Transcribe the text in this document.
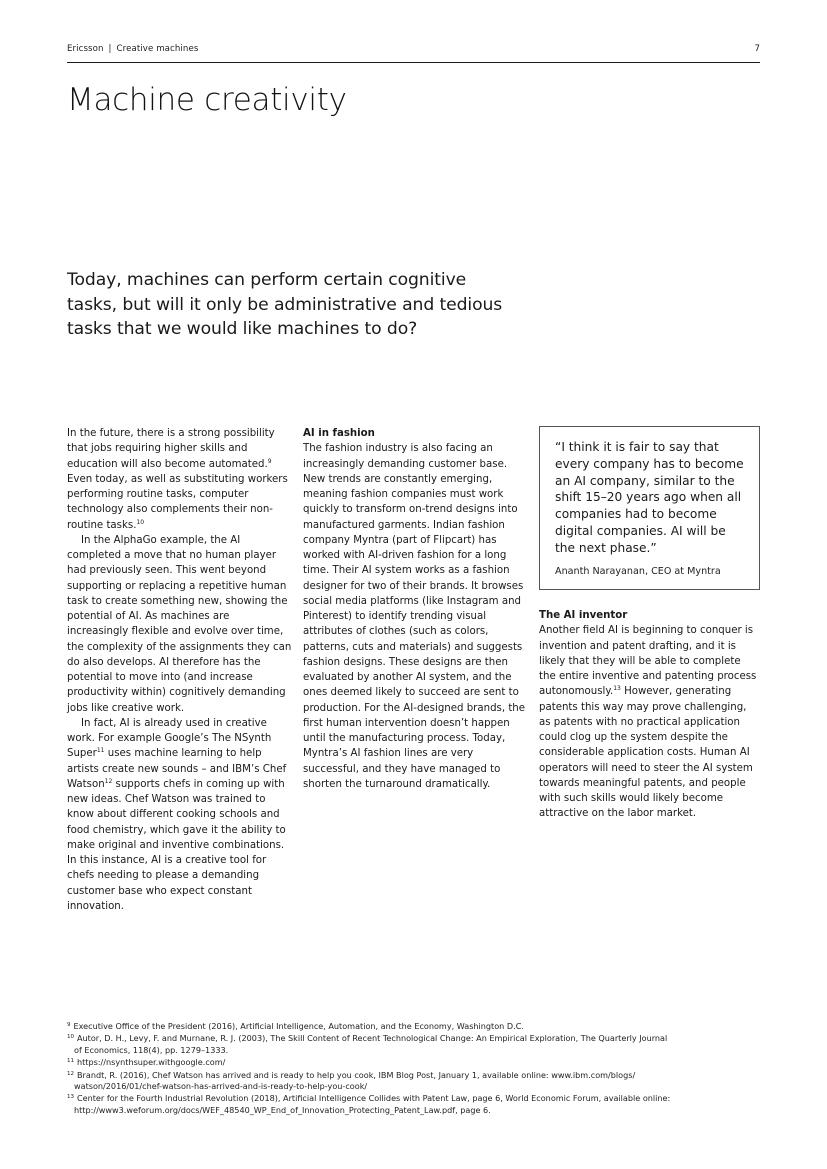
Ericsson | Creative machines	7
Machine creativity
Today, machines can perform certain cognitive tasks, but will it only be administrative and tedious tasks that we would like machines to do?

In the future, there is a strong possibility that jobs requiring higher skills and education will also become automated.$^9$ Even today, as well as substituting workers performing routine tasks, computer technology also complements their non-routine tasks.$^{10}$

In the AlphaGo example, the AI completed a move that no human player had previously seen. This went beyond supporting or replacing a repetitive human task to create something new, showing the potential of AI. As machines are increasingly flexible and evolve over time, the complexity of the assignments they can do also develops. AI therefore has the potential to move into (and increase productivity within) cognitively demanding jobs like creative work.

In fact, AI is already used in creative work. For example Google’s The NSynth Super$^{11}$ uses machine learning to help artists create new sounds – and IBM’s Chef Watson$^{12}$ supports chefs in coming up with new ideas. Chef Watson was trained to know about different cooking schools and food chemistry, which gave it the ability to make original and inventive combinations. In this instance, AI is a creative tool for chefs needing to please a demanding customer base who expect constant innovation.

AI in fashion

The fashion industry is also facing an increasingly demanding customer base. New trends are constantly emerging, meaning fashion companies must work quickly to transform on-trend designs into manufactured garments. Indian fashion company Myntra (part of Flipcart) has worked with AI-driven fashion for a long time. Their AI system works as a fashion designer for two of their brands. It browses social media platforms (like Instagram and Pinterest) to identify trending visual attributes of clothes (such as colors, patterns, cuts and materials) and suggests fashion designs. These designs are then evaluated by another AI system, and the ones deemed likely to succeed are sent to production. For the AI-designed brands, the first human intervention doesn’t happen until the manufacturing process. Today, Myntra’s AI fashion lines are very successful, and they have managed to shorten the turnaround dramatically.

“I think it is fair to say that every company has to become an AI company, similar to the shift 15–20 years ago when all companies had to become digital companies. AI will be the next phase.”

Ananth Narayanan, CEO at Myntra
The AI inventor

Another field AI is beginning to conquer is invention and patent drafting, and it is likely that they will be able to complete the entire inventive and patenting process autonomously.$^{13}$ However, generating patents this way may prove challenging, as patents with no practical application could clog up the system despite the considerable application costs. Human AI operators will need to steer the AI system towards meaningful patents, and people with such skills would likely become attractive on the labor market.

$^9$ Executive Office of the President (2016), Artificial Intelligence, Automation, and the Economy, Washington D.C.
$^{10}$ Autor, D. H., Levy, F. and Murnane, R. J. (2003), The Skill Content of Recent Technological Change: An Empirical Exploration, The Quarterly Journal
of Economics, 118(4), pp. 1279–1333.
$^{11}$ https://nsynthsuper.withgoogle.com/
$^{12}$ Brandt, R. (2016), Chef Watson has arrived and is ready to help you cook, IBM Blog Post, January 1, available online: www.ibm.com/blogs/
watson/2016/01/chef-watson-has-arrived-and-is-ready-to-help-you-cook/
$^{13}$ Center for the Fourth Industrial Revolution (2018), Artificial Intelligence Collides with Patent Law, page 6, World Economic Forum, available online:
http://www3.weforum.org/docs/WEF_48540_WP_End_of_Innovation_Protecting_Patent_Law.pdf, page 6.
